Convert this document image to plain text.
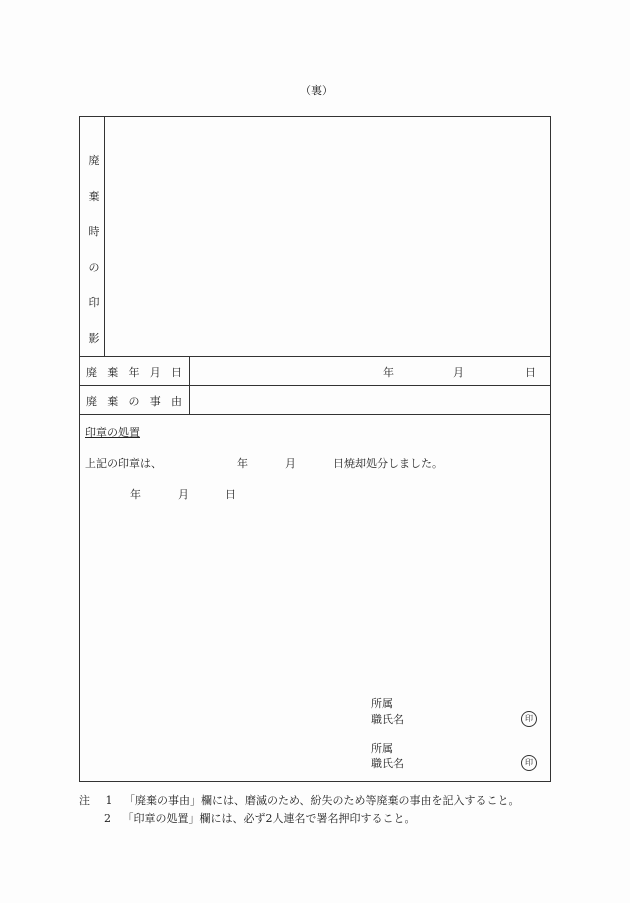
（裏）
廃
棄
時
の
印
影
廃 棄 年 月 日	年	月	日
廃 棄 の 事 由
印章の処置
上記の印章は、	年	月	日焼却処分しました。
年	月	日
所属
職氏名	印
所属
職氏名	印
注 1 「廃棄の事由」欄には、磨滅のため、紛失のため等廃棄の事由を記入すること。
2 「印章の処置」欄には、必ず2人連名で署名押印すること。
